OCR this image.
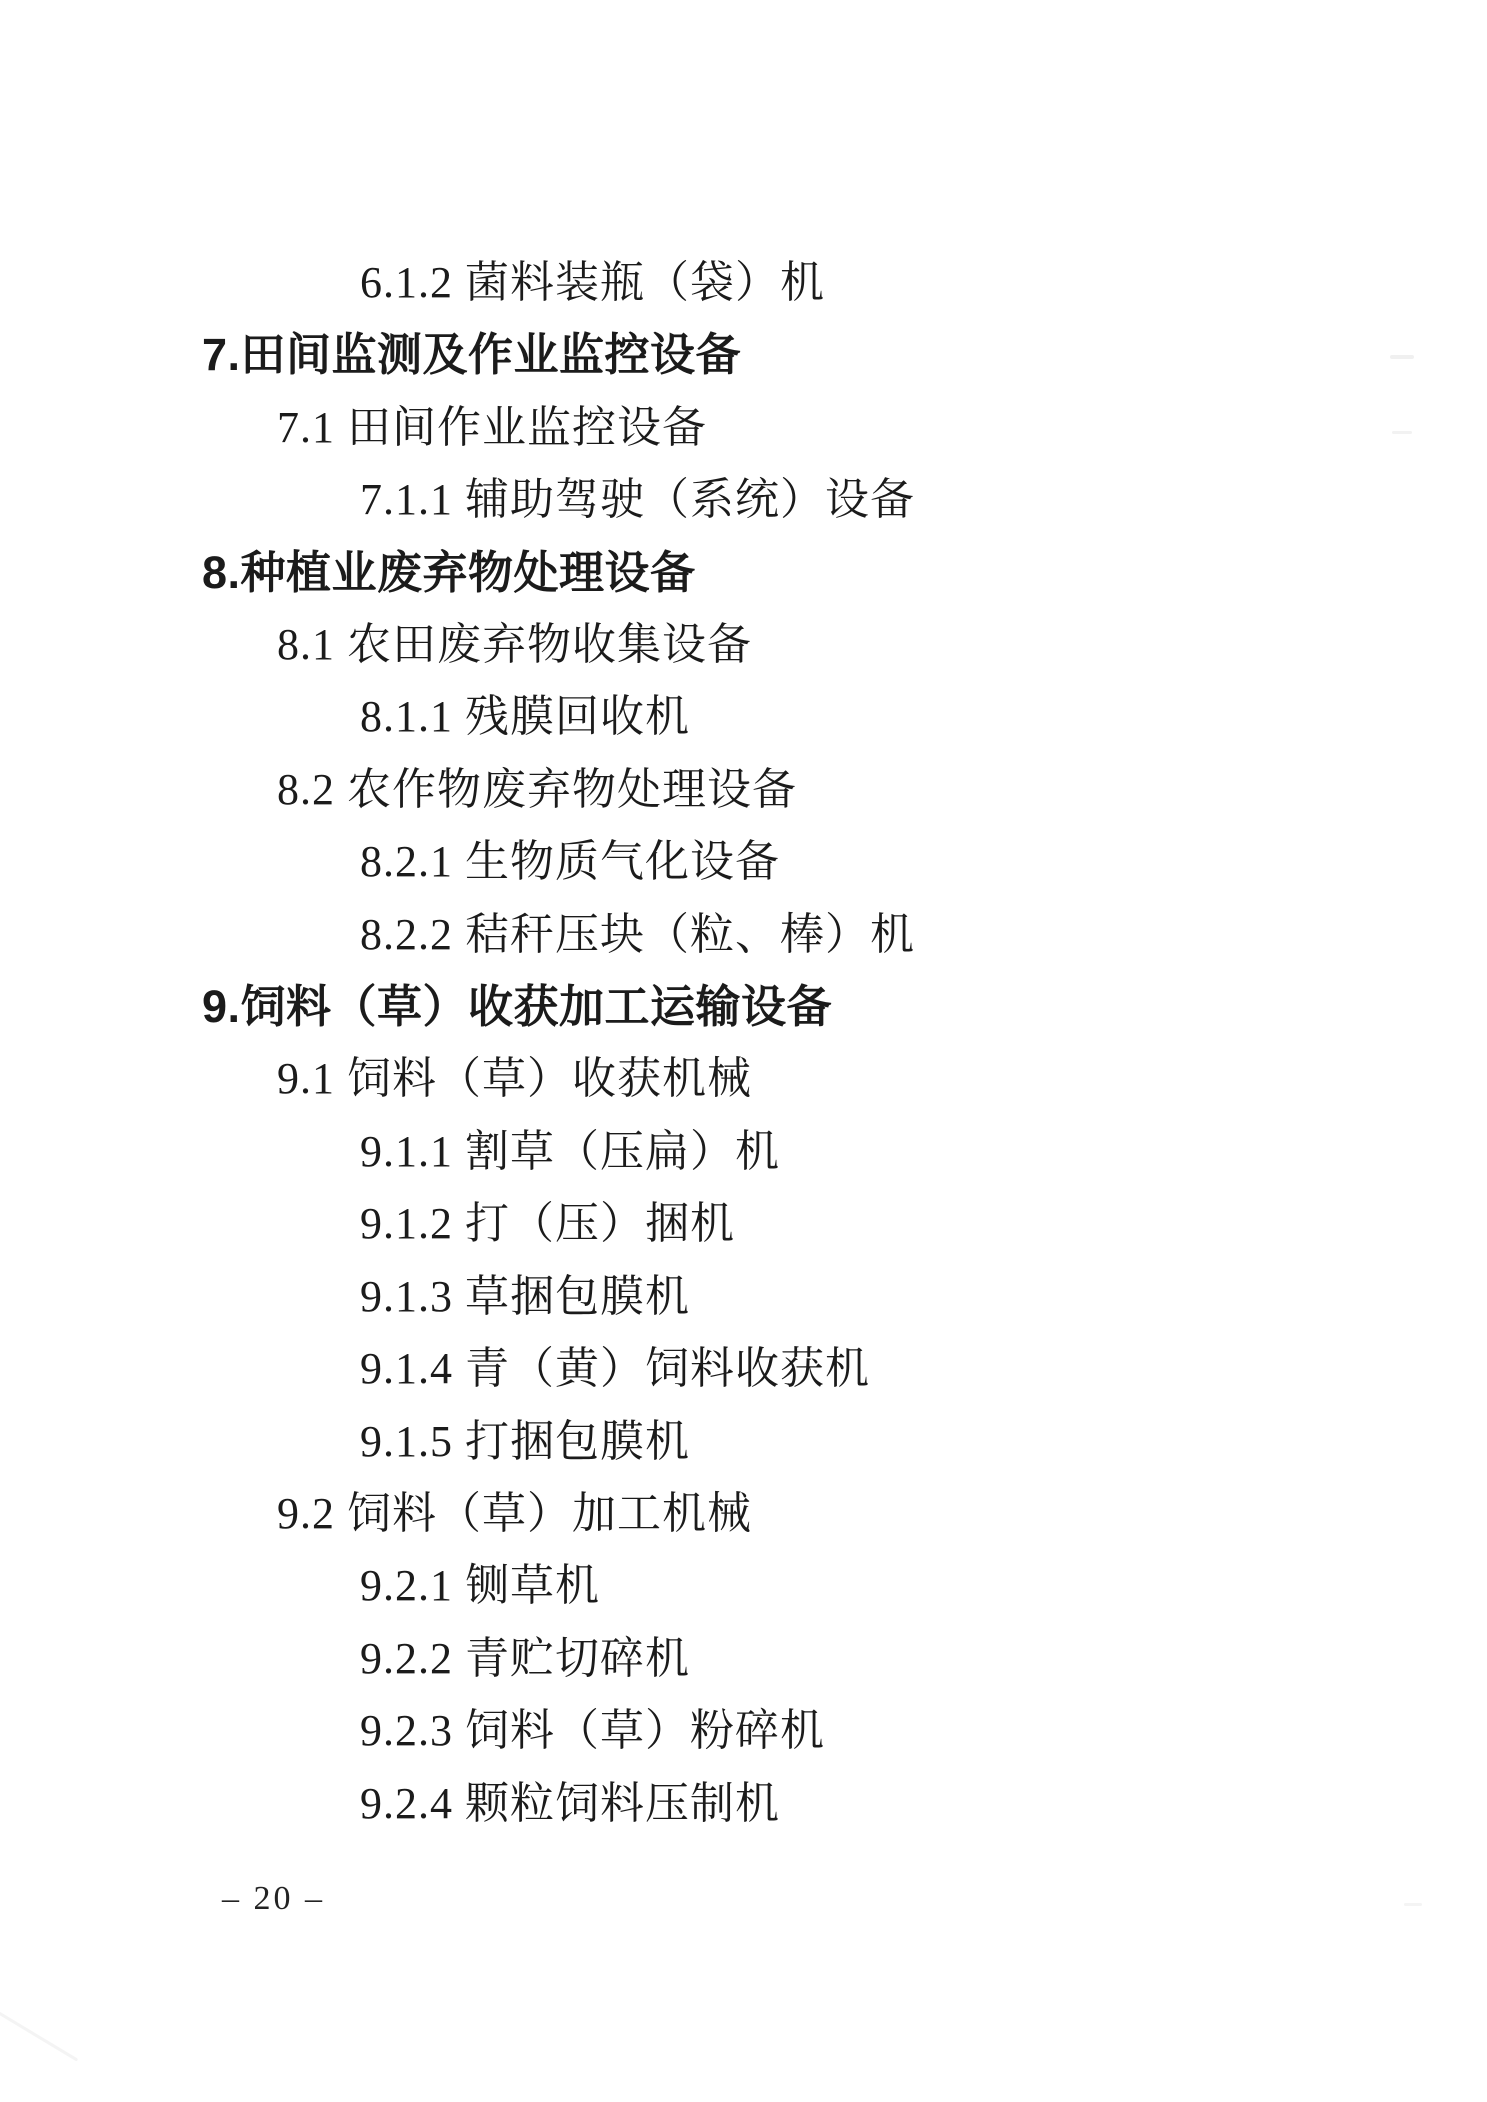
6.1.2 菌料装瓶（袋）机
7.田间监测及作业监控设备
7.1 田间作业监控设备
7.1.1 辅助驾驶（系统）设备
8.种植业废弃物处理设备
8.1 农田废弃物收集设备
8.1.1 残膜回收机
8.2 农作物废弃物处理设备
8.2.1 生物质气化设备
8.2.2 秸秆压块（粒、棒）机
9.饲料（草）收获加工运输设备
9.1 饲料（草）收获机械
9.1.1 割草（压扁）机
9.1.2 打（压）捆机
9.1.3 草捆包膜机
9.1.4 青（黄）饲料收获机
9.1.5 打捆包膜机
9.2 饲料（草）加工机械
9.2.1 铡草机
9.2.2 青贮切碎机
9.2.3 饲料（草）粉碎机
9.2.4 颗粒饲料压制机
– 20 –
